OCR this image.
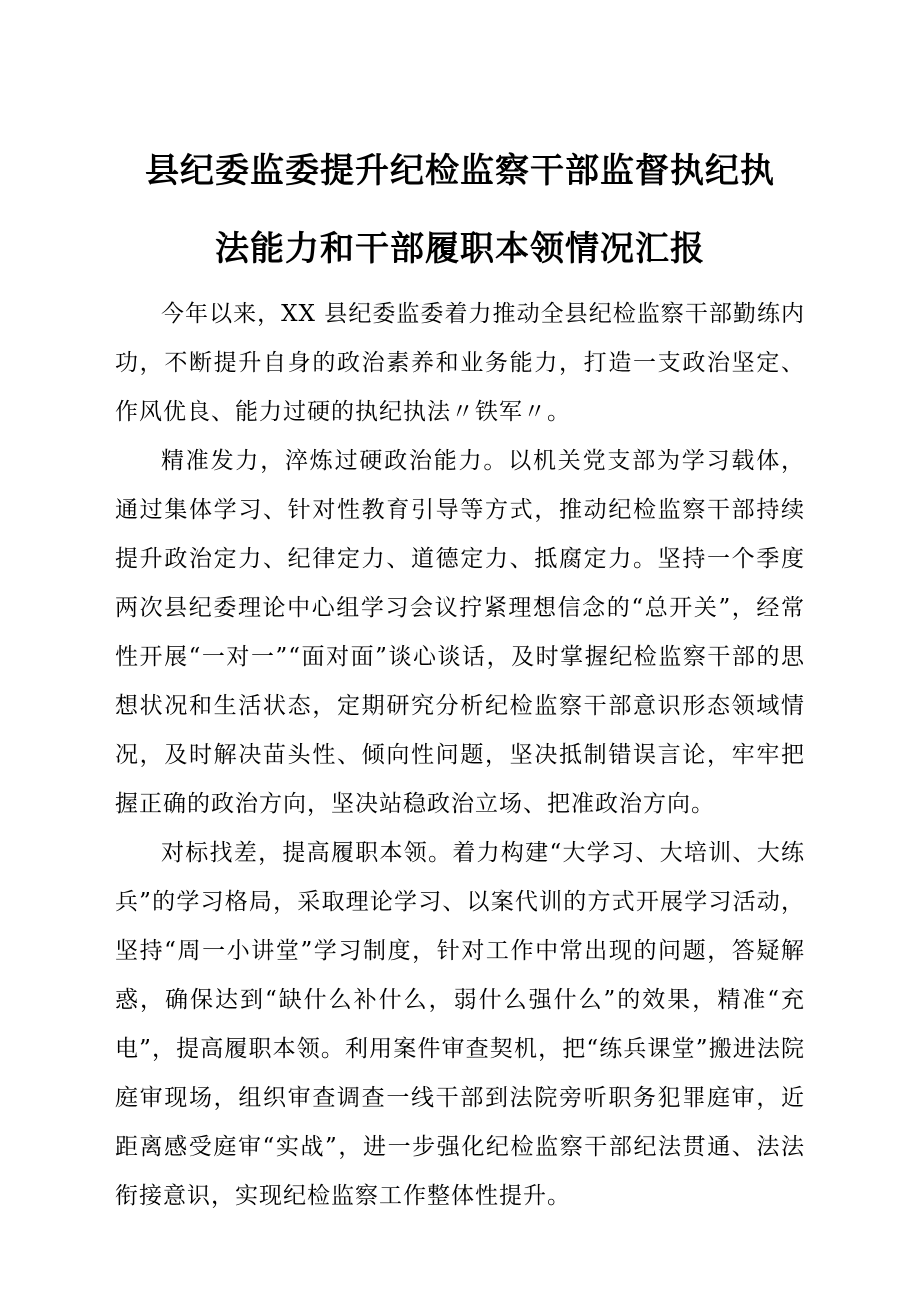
县纪委监委提升纪检监察干部监督执纪执
法能力和干部履职本领情况汇报

今年以来，XX 县纪委监委着力推动全县纪检监察干部勤练内功，不断提升自身的政治素养和业务能力，打造一支政治坚定、作风优良、能力过硬的执纪执法〃铁军〃。

精准发力，淬炼过硬政治能力。以机关党支部为学习载体，通过集体学习、针对性教育引导等方式，推动纪检监察干部持续提升政治定力、纪律定力、道德定力、抵腐定力。坚持一个季度两次县纪委理论中心组学习会议拧紧理想信念的“总开关”，经常性开展“一对一”“面对面”谈心谈话，及时掌握纪检监察干部的思想状况和生活状态，定期研究分析纪检监察干部意识形态领域情况，及时解决苗头性、倾向性问题，坚决抵制错误言论，牢牢把握正确的政治方向，坚决站稳政治立场、把准政治方向。

对标找差，提高履职本领。着力构建“大学习、大培训、大练兵”的学习格局，采取理论学习、以案代训的方式开展学习活动，坚持“周一小讲堂”学习制度，针对工作中常出现的问题，答疑解惑，确保达到“缺什么补什么，弱什么强什么”的效果，精准“充电”，提高履职本领。利用案件审查契机，把“练兵课堂”搬进法院庭审现场，组织审查调查一线干部到法院旁听职务犯罪庭审，近距离感受庭审“实战”，进一步强化纪检监察干部纪法贯通、法法衔接意识，实现纪检监察工作整体性提升。
